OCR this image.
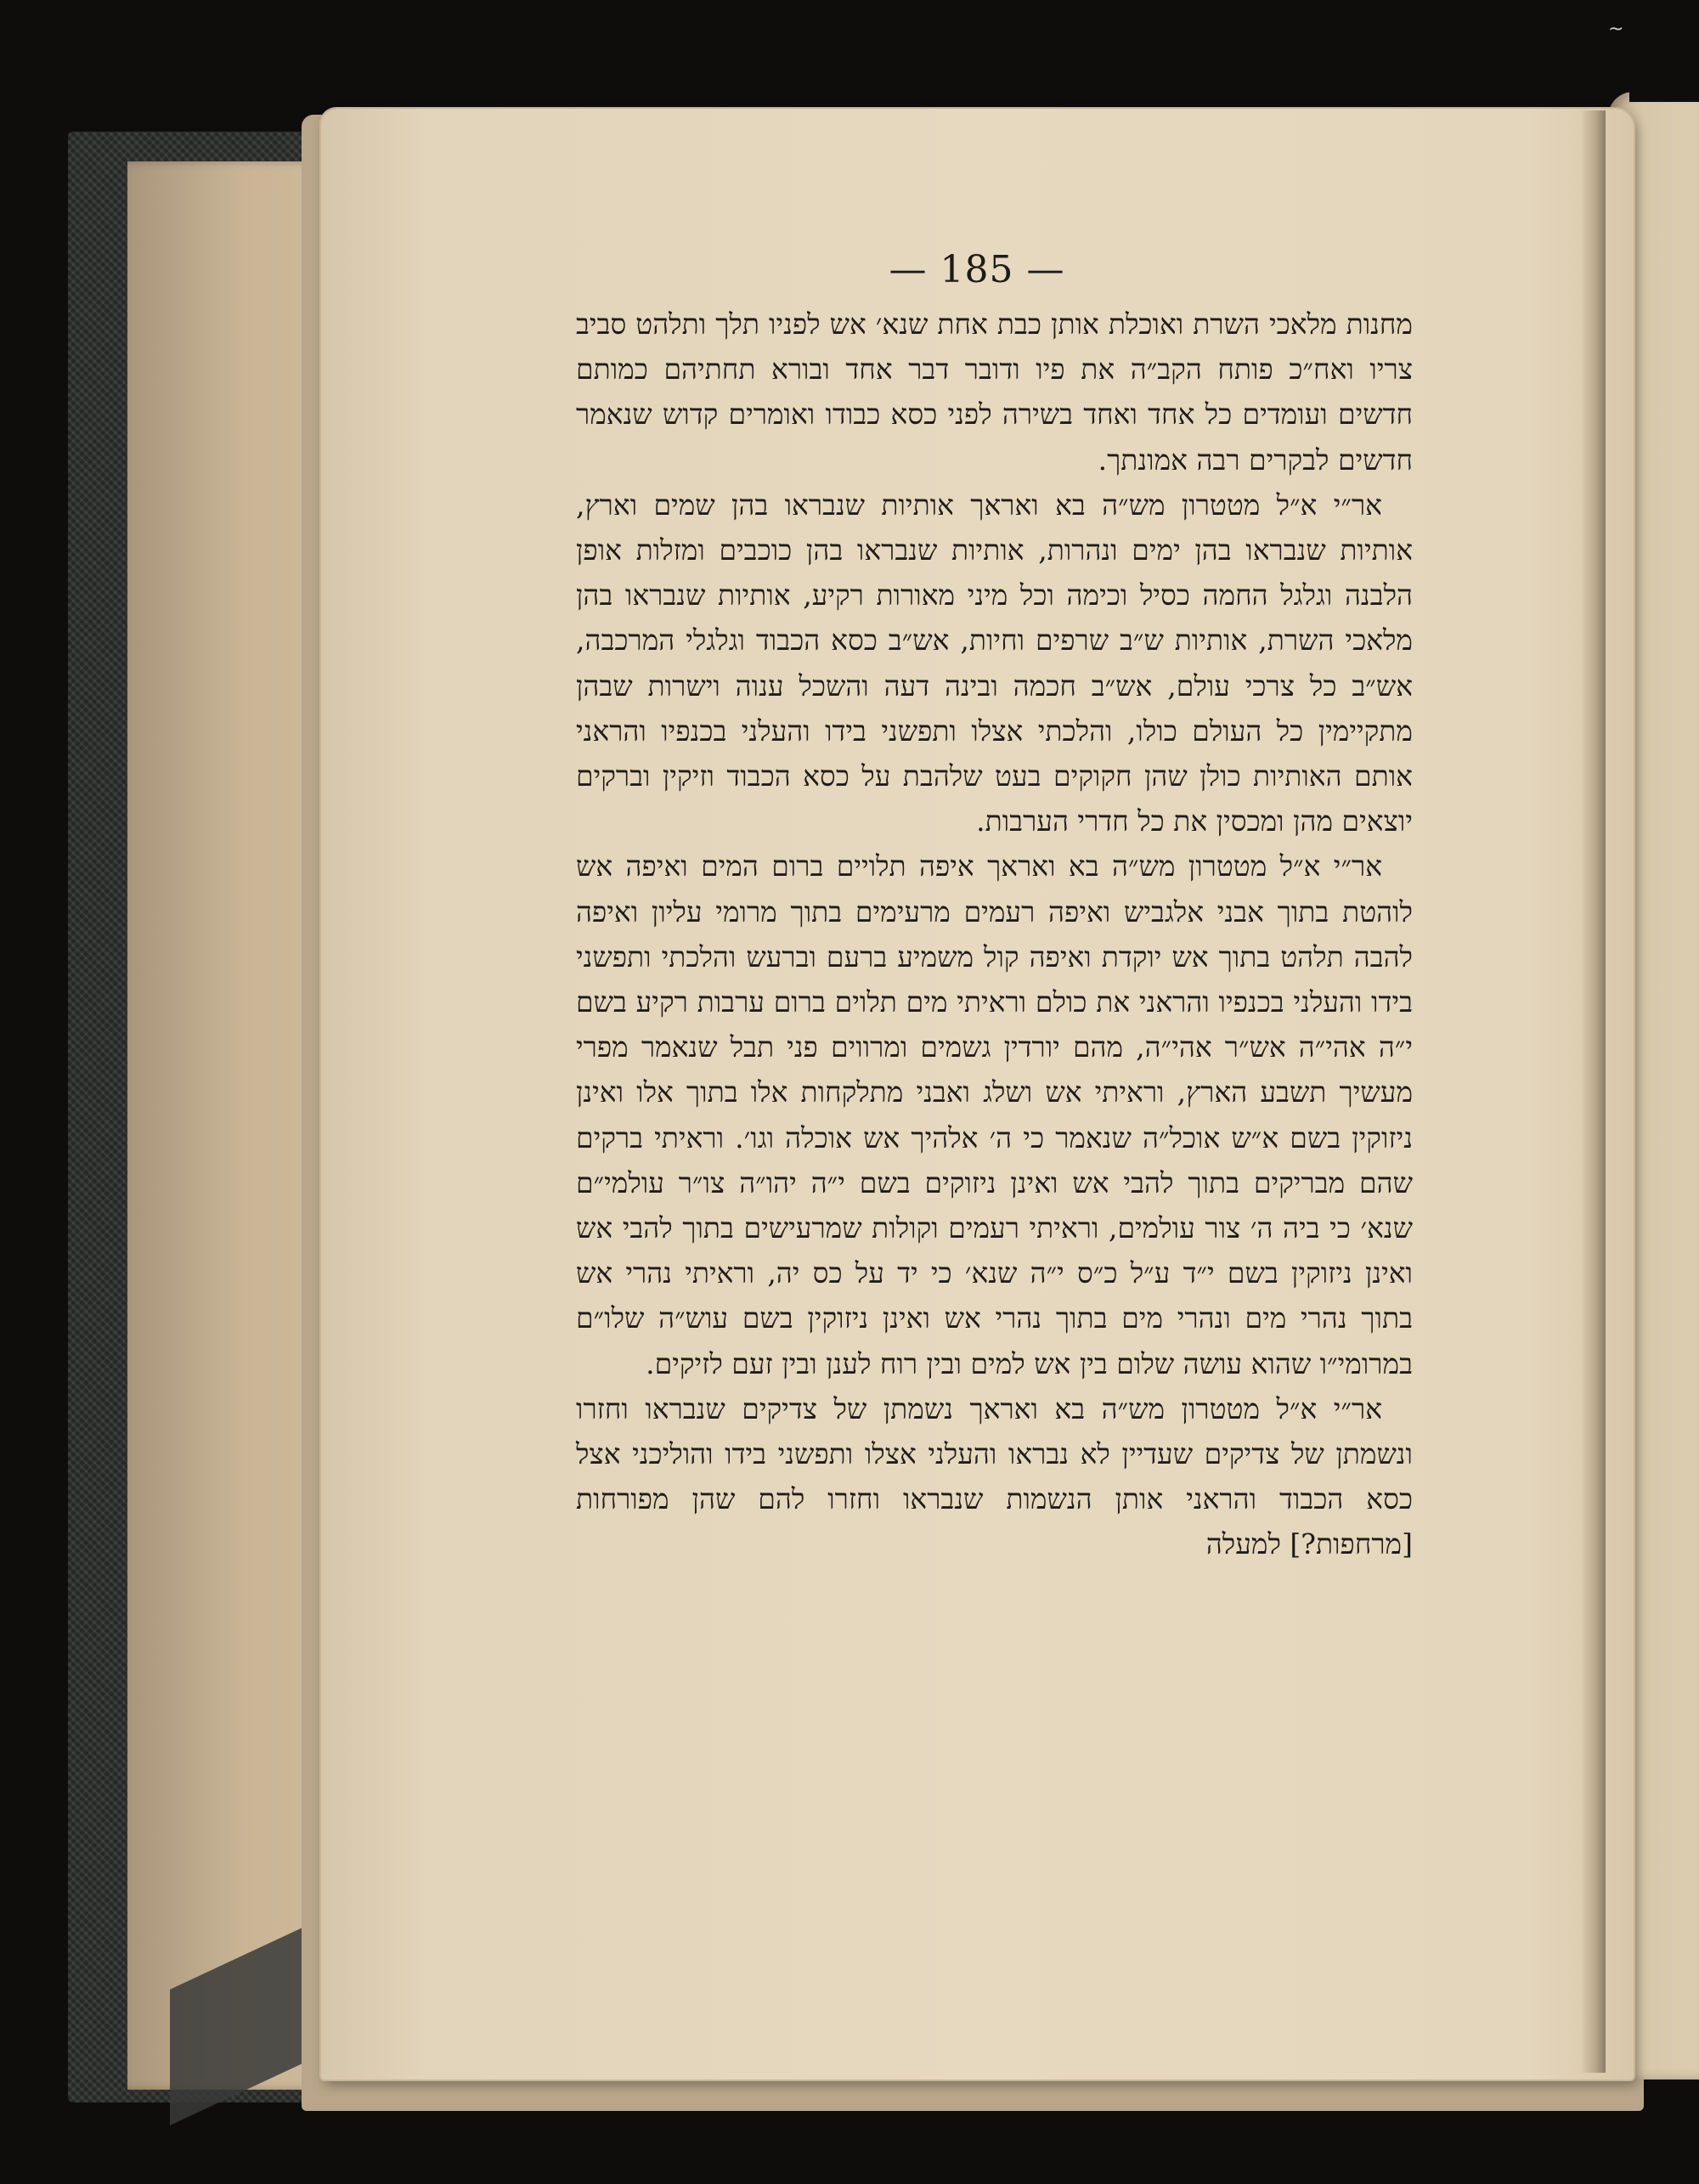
~
— 185 —

מחנות מלאכי השרת ואוכלת אותן כבת אחת שנא׳ אש לפניו תלך ותלהט סביב צריו ואח״כ פותח הקב״ה את פיו ודובר דבר אחד ובורא תחתיהם כמותם חדשים ועומדים כל אחד ואחד בשירה לפני כסא כבודו ואומרים קדוש שנאמר חדשים לבקרים רבה אמונתך.

אר״י א״ל מטטרון מש״ה בא ואראך אותיות שנבראו בהן שמים וארץ, אותיות שנבראו בהן ימים ונהרות, אותיות שנבראו בהן כוכבים ומזלות אופן הלבנה וגלגל החמה כסיל וכימה וכל מיני מאורות רקיע, אותיות שנבראו בהן מלאכי השרת, אותיות ש״ב שרפים וחיות, אש״ב כסא הכבוד וגלגלי המרכבה, אש״ב כל צרכי עולם, אש״ב חכמה ובינה דעה והשכל ענוה וישרות שבהן מתקיימין כל העולם כולו, והלכתי אצלו ותפשני בידו והעלני בכנפיו והראני אותם האותיות כולן שהן חקוקים בעט שלהבת על כסא הכבוד וזיקין וברקים יוצאים מהן ומכסין את כל חדרי הערבות.

אר״י א״ל מטטרון מש״ה בא ואראך איפה תלויים ברום המים ואיפה אש לוהטת בתוך אבני אלגביש ואיפה רעמים מרעימים בתוך מרומי עליון ואיפה להבה תלהט בתוך אש יוקדת ואיפה קול משמיע ברעם וברעש והלכתי ותפשני בידו והעלני בכנפיו והראני את כולם וראיתי מים תלוים ברום ערבות רקיע בשם י״ה אהי״ה אש״ר אהי״ה, מהם יורדין גשמים ומרווים פני תבל שנאמר מפרי מעשיך תשבע הארץ, וראיתי אש ושלג ואבני מתלקחות אלו בתוך אלו ואינן ניזוקין בשם א״ש אוכל״ה שנאמר כי ה׳ אלהיך אש אוכלה וגו׳. וראיתי ברקים שהם מבריקים בתוך להבי אש ואינן ניזוקים בשם י״ה יהו״ה צו״ר עולמי״ם שנא׳ כי ביה ה׳ צור עולמים, וראיתי רעמים וקולות שמרעישים בתוך להבי אש ואינן ניזוקין בשם י״ד ע״ל כ״ס י״ה שנא׳ כי יד על כס יה, וראיתי נהרי אש בתוך נהרי מים ונהרי מים בתוך נהרי אש ואינן ניזוקין בשם עוש״ה שלו״ם במרומי״ו שהוא עושה שלום בין אש למים ובין רוח לענן ובין זעם לזיקים.

אר״י א״ל מטטרון מש״ה בא ואראך נשמתן של צדיקים שנבראו וחזרו ונשמתן של צדיקים שעדיין לא נבראו והעלני אצלו ותפשני בידו והוליכני אצל כסא הכבוד והראני אותן הנשמות שנבראו וחזרו להם שהן מפורחות [מרחפות?] למעלה
